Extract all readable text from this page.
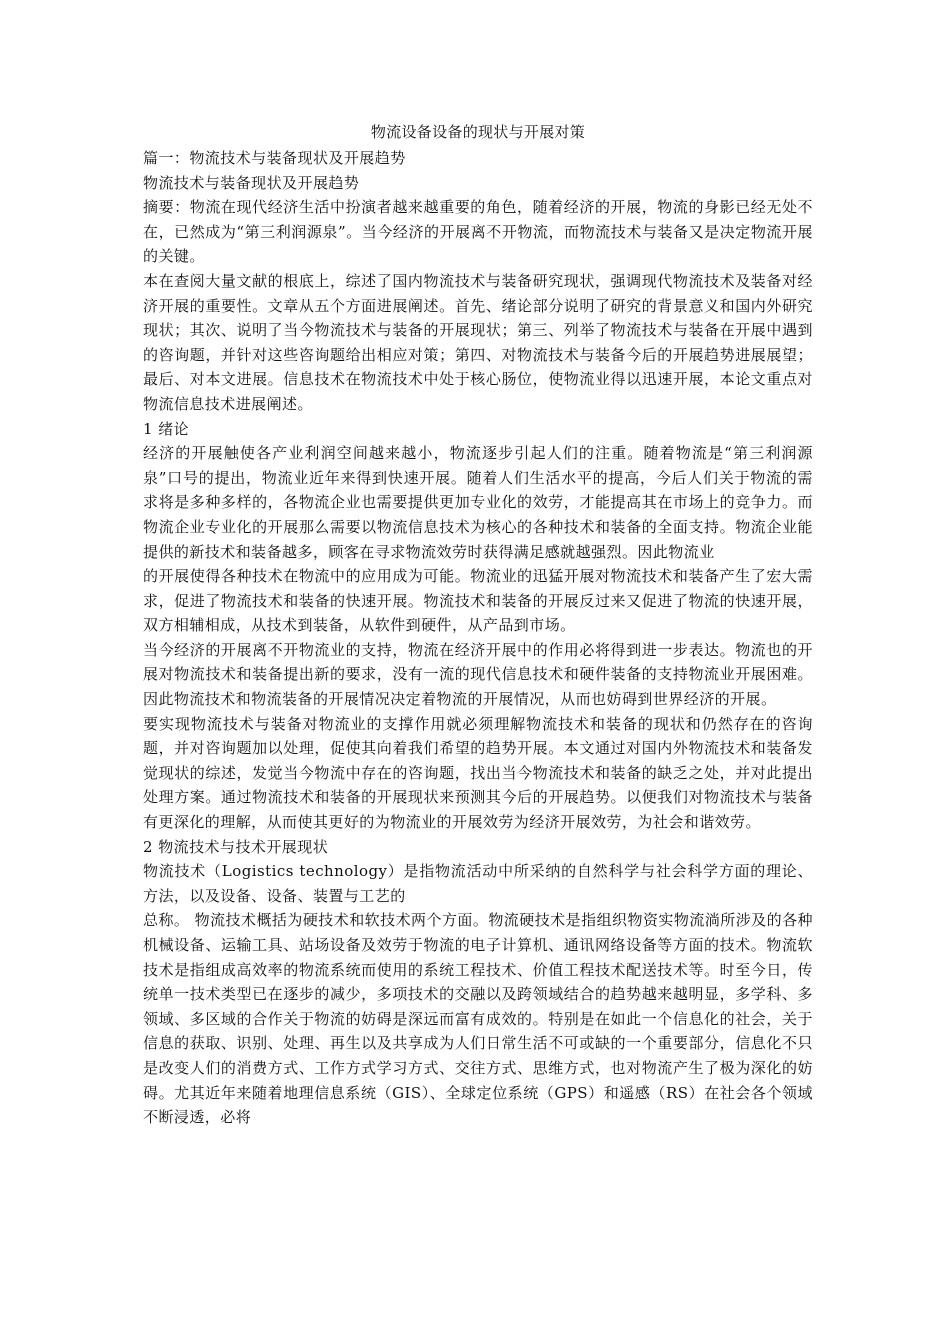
物流设备设备的现状与开展对策
篇一：物流技术与装备现状及开展趋势
物流技术与装备现状及开展趋势
摘要：物流在现代经济生活中扮演者越来越重要的角色，随着经济的开展，物流的身影已经无处不在，已然成为“第三利润源泉”。当今经济的开展离不开物流，而物流技术与装备又是决定物流开展的关键。
本在查阅大量文献的根底上，综述了国内物流技术与装备研究现状，强调现代物流技术及装备对经济开展的重要性。文章从五个方面进展阐述。首先、绪论部分说明了研究的背景意义和国内外研究现状；其次、说明了当今物流技术与装备的开展现状；第三、列举了物流技术与装备在开展中遇到的咨询题，并针对这些咨询题给出相应对策；第四、对物流技术与装备今后的开展趋势进展展望；最后、对本文进展。信息技术在物流技术中处于核心肠位，使物流业得以迅速开展，本论文重点对物流信息技术进展阐述。
1 绪论
经济的开展触使各产业利润空间越来越小，物流逐步引起人们的注重。随着物流是“第三利润源泉”口号的提出，物流业近年来得到快速开展。随着人们生活水平的提高，今后人们关于物流的需求将是多种多样的，各物流企业也需要提供更加专业化的效劳，才能提高其在市场上的竞争力。而物流企业专业化的开展那么需要以物流信息技术为核心的各种技术和装备的全面支持。物流企业能提供的新技术和装备越多，顾客在寻求物流效劳时获得满足感就越强烈。因此物流业
的开展使得各种技术在物流中的应用成为可能。物流业的迅猛开展对物流技术和装备产生了宏大需求，促进了物流技术和装备的快速开展。物流技术和装备的开展反过来又促进了物流的快速开展，双方相辅相成，从技术到装备，从软件到硬件，从产品到市场。
当今经济的开展离不开物流业的支持，物流在经济开展中的作用必将得到进一步表达。物流也的开展对物流技术和装备提出新的要求，没有一流的现代信息技术和硬件装备的支持物流业开展困难。因此物流技术和物流装备的开展情况决定着物流的开展情况，从而也妨碍到世界经济的开展。
要实现物流技术与装备对物流业的支撑作用就必须理解物流技术和装备的现状和仍然存在的咨询题，并对咨询题加以处理，促使其向着我们希望的趋势开展。本文通过对国内外物流技术和装备发觉现状的综述，发觉当今物流中存在的咨询题，找出当今物流技术和装备的缺乏之处，并对此提出处理方案。通过物流技术和装备的开展现状来预测其今后的开展趋势。以便我们对物流技术与装备有更深化的理解，从而使其更好的为物流业的开展效劳为经济开展效劳，为社会和谐效劳。
2 物流技术与技术开展现状
物流技术（Logistics technology）是指物流活动中所采纳的自然科学与社会科学方面的理论、方法，以及设备、设备、装置与工艺的
总称。 物流技术概括为硬技术和软技术两个方面。物流硬技术是指组织物资实物流淌所涉及的各种机械设备、运输工具、站场设备及效劳于物流的电子计算机、通讯网络设备等方面的技术。物流软技术是指组成高效率的物流系统而使用的系统工程技术、价值工程技术配送技术等。时至今日，传统单一技术类型已在逐步的减少，多项技术的交融以及跨领域结合的趋势越来越明显，多学科、多领域、多区域的合作关于物流的妨碍是深远而富有成效的。特别是在如此一个信息化的社会，关于信息的获取、识别、处理、再生以及共享成为人们日常生活不可或缺的一个重要部分，信息化不只是改变人们的消费方式、工作方式学习方式、交往方式、思维方式，也对物流产生了极为深化的妨碍。尤其近年来随着地理信息系统（GIS）、全球定位系统（GPS）和遥感（RS）在社会各个领域不断浸透，必将
